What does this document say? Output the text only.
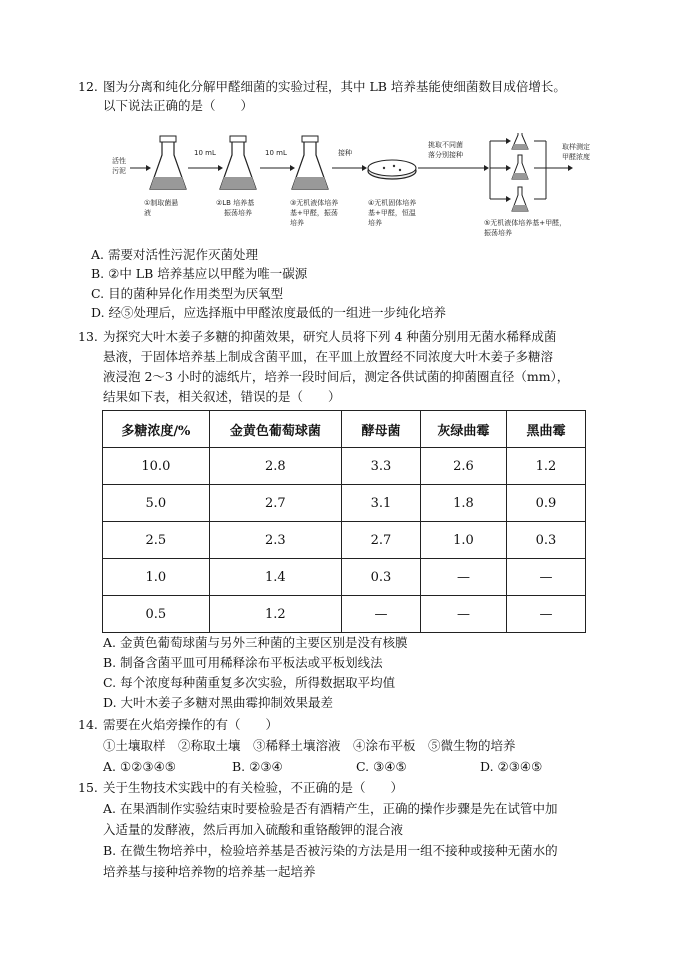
12. 图为分离和纯化分解甲醛细菌的实验过程，其中 LB 培养基能使细菌数目成倍增长。
以下说法正确的是（　　）
活性
污泥
10 mL	10 mL	接种
挑取不同菌
落分别接种
取样测定
甲醛浓度
①制取菌悬
液
②LB 培养基
振荡培养
③无机液体培养
基+甲醛，振荡
培养
④无机固体培养
基+甲醛，恒温
培养	⑤无机液体培养基+甲醛，
振荡培养
A. 需要对活性污泥作灭菌处理
B. ②中 LB 培养基应以甲醛为唯一碳源
C. 目的菌种异化作用类型为厌氧型
D. 经⑤处理后，应选择瓶中甲醛浓度最低的一组进一步纯化培养
13. 为探究大叶木姜子多糖的抑菌效果，研究人员将下列 4 种菌分别用无菌水稀释成菌
悬液，于固体培养基上制成含菌平皿，在平皿上放置经不同浓度大叶木姜子多糖溶
液浸泡 2～3 小时的滤纸片，培养一段时间后，测定各供试菌的抑菌圈直径（mm），
结果如下表，相关叙述，错误的是（　　）
多糖浓度/%	金黄色葡萄球菌	酵母菌	灰绿曲霉	黑曲霉
10.0	2.8	3.3	2.6	1.2
5.0	2.7	3.1	1.8	0.9
2.5	2.3	2.7	1.0	0.3
1.0	1.4	0.3	—	—
0.5	1.2	—	—	—
A. 金黄色葡萄球菌与另外三种菌的主要区别是没有核膜
B. 制备含菌平皿可用稀释涂布平板法或平板划线法
C. 每个浓度每种菌重复多次实验，所得数据取平均值
D. 大叶木姜子多糖对黑曲霉抑制效果最差
14. 需要在火焰旁操作的有（　　）
①土壤取样　②称取土壤　③稀释土壤溶液　④涂布平板　⑤微生物的培养
A. ①②③④⑤	B. ②③④	C. ③④⑤	D. ②③④⑤
15. 关于生物技术实践中的有关检验，不正确的是（　　）
A. 在果酒制作实验结束时要检验是否有酒精产生，正确的操作步骤是先在试管中加
入适量的发酵液，然后再加入硫酸和重铬酸钾的混合液
B. 在微生物培养中，检验培养基是否被污染的方法是用一组不接种或接种无菌水的
培养基与接种培养物的培养基一起培养
